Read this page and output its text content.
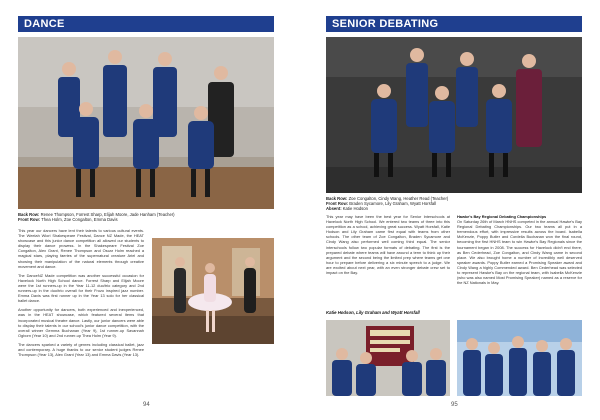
DANCE
Back Row: Renee Thompson, Forrest Sharp, Elijah Moore, Jade Hanham (Teacher)
Front Row: Thea Holm, Zoe Congalton, Emma Davis

This year our dancers have lent their talents to various cultural events. The Weelah Wiori Shakespeare Festival, Dance NZ Made, the HEAT showcase and this junior dance competition all allowed our students to display their dance prowess. In the Shakespeare Festival Zoe Congalton, Alex Grant, Renee Thompson and Oscar Holm reached a magical stars, playing faeries of the supernatural creature Ariel and showing their manipulation of the natural elements through creative movement and dance.

The DanceNZ Made competition was another successful occasion for Havelock North High School dance. Forrest Sharp and Elijah Moore were the 1st runners-up in the Year 11-12 duo/trio category and 2nd runners-up in the duo/trio overall for their Frozo inspired jazz number. Emma Davis was first runner up in the Year 13 solo for her classical ballet dance.

Another opportunity for dancers, both experienced and inexperienced, was in the HEAT showcase, which featured several items that incorporated musical theatre dance. Lastly, our junior dancers were able to display their talents in our school's junior dance competition, with the overall winner Gemma Buchanan (Year 9), 1st runner-up Savannah Ogborn (Year 10) and 2nd runner-up Thea Holm (Year 9).

The dancers sparked a variety of genres including classical ballet, jazz and contemporary. A huge thanks to our senior student judges Renee Thompson (Year 13), Alex Grant (Year 13) and Emma Davis (Year 13).

94
SENIOR DEBATING
Back Row: Zoe Congalton, Cindy Wang, Heather Read (Teacher)
Front Row: Braden Sycamore, Lily Graham, Wyatt Horsfall
Absent: Katie Hodson

This year may have been the best year for Senior Interschools at Havelock North High School. We entered two teams of three into this competition as a school, achieving great success. Wyatt Horsfall, Katie Hodson and Lily Graham came first equal with teams from other schools. The other team of Zoe Congalton, Braden Sycamore and Cindy Wang also performed well coming third equal. The senior interschools follow two popular formats of debating. The first is the prepared debate where teams will have around a term to think up their argument and the second being the limited prep where teams get one hour to prepare before delivering a six minute speech to a judge. We are excited about next year, with an even stronger debate crew set to impact on the Bay.

Katie Hodson, Lily Graham and Wyatt Horsfall

Hawke's Bay Regional Debating Championships
On Saturday 26th of March HNHS competed in the annual Hawke's Bay Regional Debating Championships. Our two teams all put in a tremendous effort, with impressive results across the board. Isabella McKenzie, Poppy Butler and Cordelia Buchanan won the final round, becoming the first HNHS team to win Hawke's Bay Regionals since the tournament began in 2008. The success for Havelock didn't end there, as Ben Cederhead, Zoe Congalton, and Cindy Wang came in second place. We also brought home a number of incredibly well deserved speaker awards. Poppy Butler earned a Promising Speaker award and Cindy Wang a highly Commended award. Ben Cederhead was selected to represent Hawke's Bay on the regional team, with Isabella McKenzie (who was also named Most Promising Speaker) named as a reserve for the NZ Nationals in May.

95
